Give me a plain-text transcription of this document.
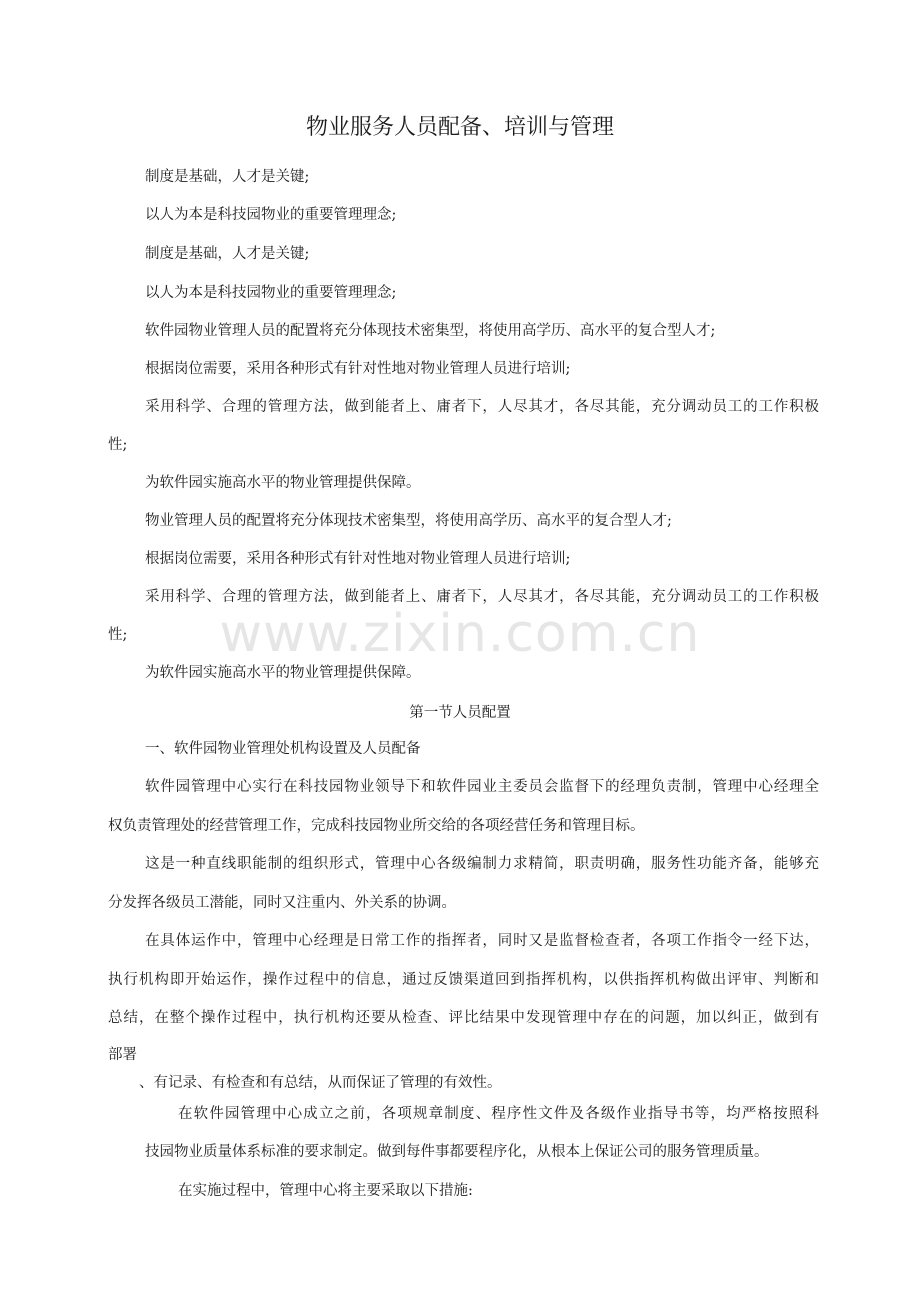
www.zixin.com.cn
物业服务人员配备、培训与管理
制度是基础，人才是关键;
以人为本是科技园物业的重要管理理念;
制度是基础，人才是关键;
以人为本是科技园物业的重要管理理念;
软件园物业管理人员的配置将充分体现技术密集型，将使用高学历、高水平的复合型人才;
根据岗位需要，采用各种形式有针对性地对物业管理人员进行培训;
采用科学、合理的管理方法，做到能者上、庸者下，人尽其才，各尽其能，充分调动员工的工作积极
性;
为软件园实施高水平的物业管理提供保障。
物业管理人员的配置将充分体现技术密集型，将使用高学历、高水平的复合型人才;
根据岗位需要，采用各种形式有针对性地对物业管理人员进行培训;
采用科学、合理的管理方法，做到能者上、庸者下，人尽其才，各尽其能，充分调动员工的工作积极
性;
为软件园实施高水平的物业管理提供保障。
第一节人员配置
一、软件园物业管理处机构设置及人员配备
软件园管理中心实行在科技园物业领导下和软件园业主委员会监督下的经理负责制，管理中心经理全
权负责管理处的经营管理工作，完成科技园物业所交给的各项经营任务和管理目标。
这是一种直线职能制的组织形式，管理中心各级编制力求精简，职责明确，服务性功能齐备，能够充
分发挥各级员工潜能，同时又注重内、外关系的协调。
在具体运作中，管理中心经理是日常工作的指挥者，同时又是监督检查者，各项工作指令一经下达，
执行机构即开始运作，操作过程中的信息，通过反馈渠道回到指挥机构，以供指挥机构做出评审、判断和
总结，在整个操作过程中，执行机构还要从检查、评比结果中发现管理中存在的问题，加以纠正，做到有
部署
、有记录、有检查和有总结，从而保证了管理的有效性。
在软件园管理中心成立之前，各项规章制度、程序性文件及各级作业指导书等，均严格按照科
技园物业质量体系标准的要求制定。做到每件事都要程序化，从根本上保证公司的服务管理质量。
在实施过程中，管理中心将主要采取以下措施:
